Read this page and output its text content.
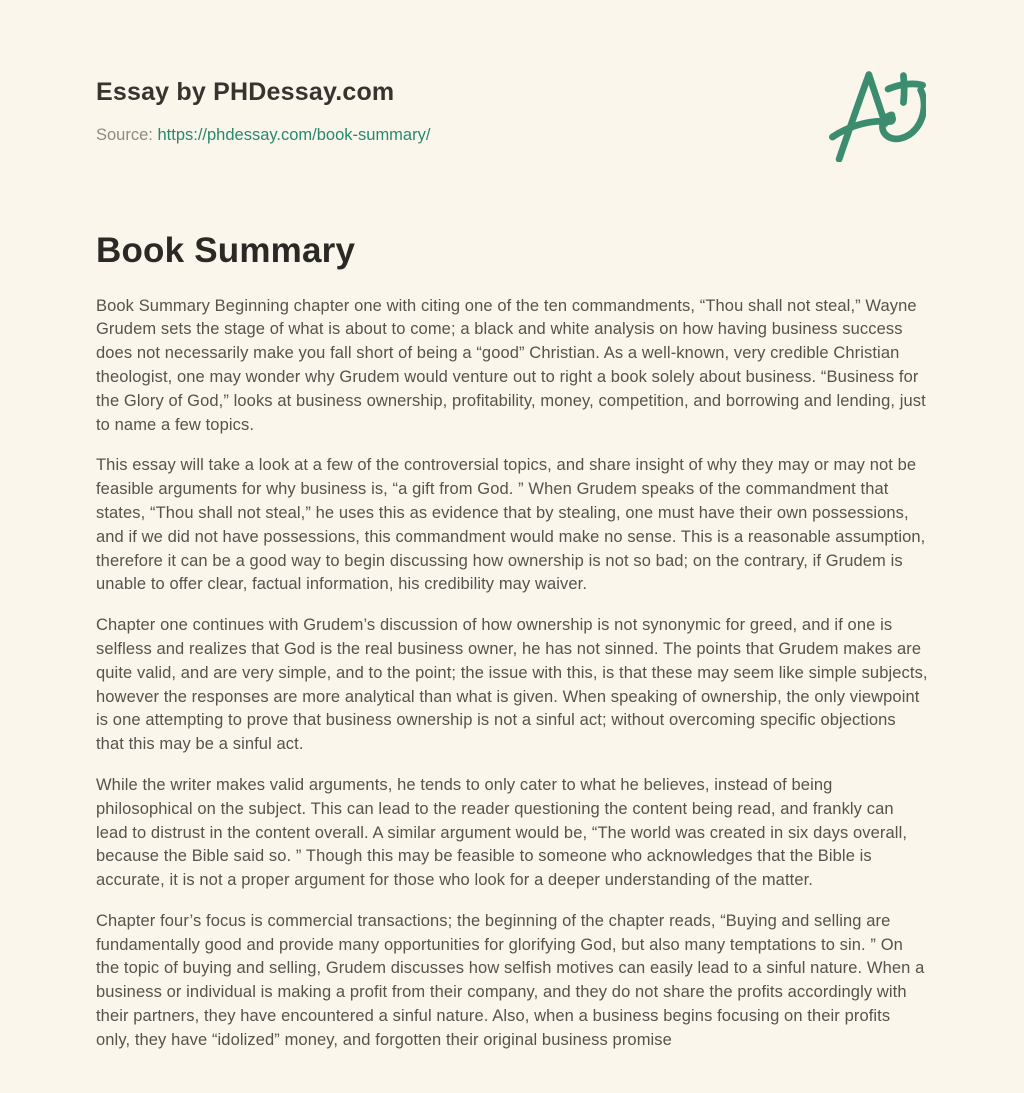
Essay by PHDessay.com
Source: https://phdessay.com/book-summary/
Book Summary

Book Summary Beginning chapter one with citing one of the ten commandments, “Thou shall not steal,” Wayne Grudem sets the stage of what is about to come; a black and white analysis on how having business success does not necessarily make you fall short of being a “good” Christian. As a well-known, very credible Christian theologist, one may wonder why Grudem would venture out to right a book solely about business. “Business for the Glory of God,” looks at business ownership, profitability, money, competition, and borrowing and lending, just to name a few topics.

This essay will take a look at a few of the controversial topics, and share insight of why they may or may not be feasible arguments for why business is, “a gift from God. ” When Grudem speaks of the commandment that states, “Thou shall not steal,” he uses this as evidence that by stealing, one must have their own possessions, and if we did not have possessions, this commandment would make no sense. This is a reasonable assumption, therefore it can be a good way to begin discussing how ownership is not so bad; on the contrary, if Grudem is unable to offer clear, factual information, his credibility may waiver.

Chapter one continues with Grudem’s discussion of how ownership is not synonymic for greed, and if one is selfless and realizes that God is the real business owner, he has not sinned. The points that Grudem makes are quite valid, and are very simple, and to the point; the issue with this, is that these may seem like simple subjects, however the responses are more analytical than what is given. When speaking of ownership, the only viewpoint is one attempting to prove that business ownership is not a sinful act; without overcoming specific objections that this may be a sinful act.

While the writer makes valid arguments, he tends to only cater to what he believes, instead of being philosophical on the subject. This can lead to the reader questioning the content being read, and frankly can lead to distrust in the content overall. A similar argument would be, “The world was created in six days overall, because the Bible said so. ” Though this may be feasible to someone who acknowledges that the Bible is accurate, it is not a proper argument for those who look for a deeper understanding of the matter.

Chapter four’s focus is commercial transactions; the beginning of the chapter reads, “Buying and selling are fundamentally good and provide many opportunities for glorifying God, but also many temptations to sin. ” On the topic of buying and selling, Grudem discusses how selfish motives can easily lead to a sinful nature. When a business or individual is making a profit from their company, and they do not share the profits accordingly with their partners, they have encountered a sinful nature. Also, when a business begins focusing on their profits only, they have “idolized” money, and forgotten their original business promise
